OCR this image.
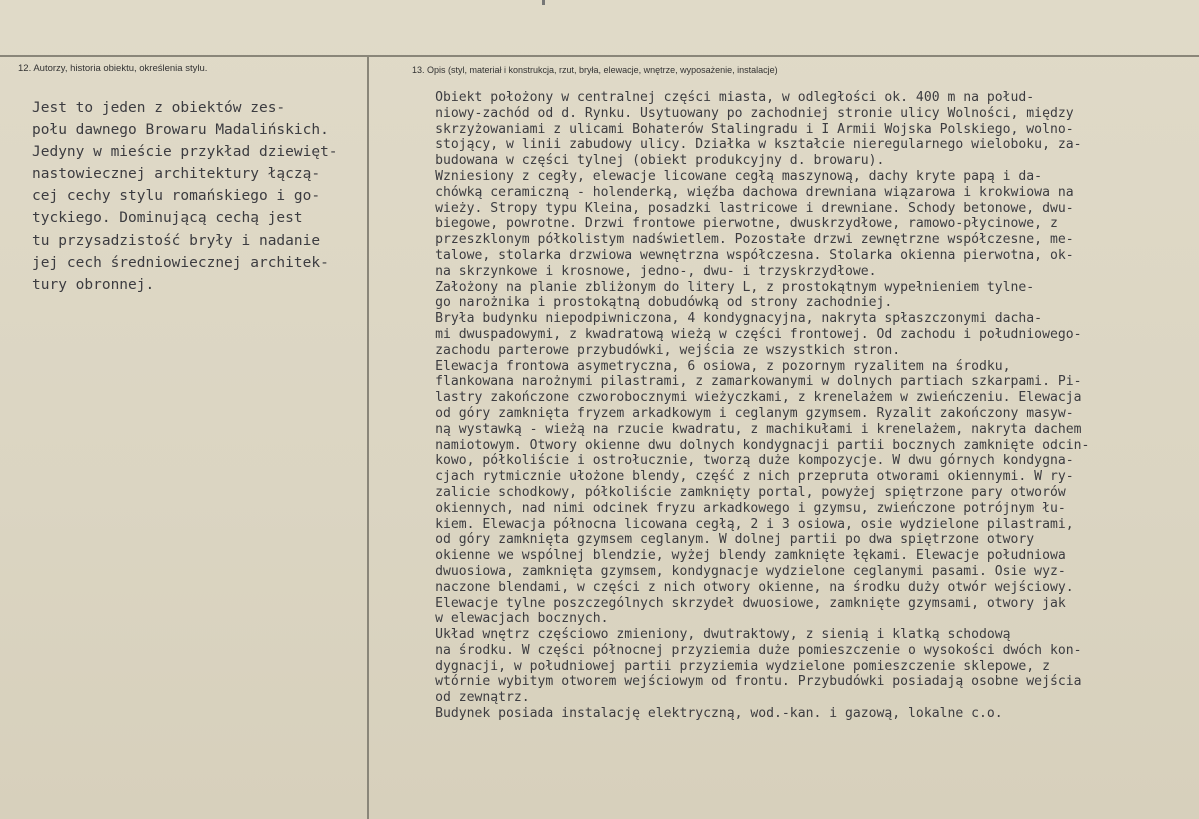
12. Autorzy, historia obiektu, określenia stylu.	13. Opis (styl, materiał i konstrukcja, rzut, bryła, elewacje, wnętrze, wyposażenie, instalacje)
Jest to jeden z obiektów zes-
połu dawnego Browaru Madalińskich.
Jedyny w mieście przykład dziewięt-
nastowiecznej architektury łączą-
cej cechy stylu romańskiego i go-
tyckiego. Dominującą cechą jest
tu przysadzistość bryły i nadanie
jej cech średniowiecznej architek-
tury obronnej.
Obiekt położony w centralnej części miasta, w odległości ok. 400 m na połud-
niowy-zachód od d. Rynku. Usytuowany po zachodniej stronie ulicy Wolności, między
skrzyżowaniami z ulicami Bohaterów Stalingradu i I Armii Wojska Polskiego, wolno-
stojący, w linii zabudowy ulicy. Działka w kształcie nieregularnego wieloboku, za-
budowana w części tylnej (obiekt produkcyjny d. browaru).
Wzniesiony z cegły, elewacje licowane cegłą maszynową, dachy kryte papą i da-
chówką ceramiczną - holenderką, więźba dachowa drewniana wiązarowa i krokwiowa na
wieży. Stropy typu Kleina, posadzki lastricowe i drewniane. Schody betonowe, dwu-
biegowe, powrotne. Drzwi frontowe pierwotne, dwuskrzydłowe, ramowo-płycinowe, z
przeszklonym półkolistym nadświetlem. Pozostałe drzwi zewnętrzne współczesne, me-
talowe, stolarka drzwiowa wewnętrzna współczesna. Stolarka okienna pierwotna, ok-
na skrzynkowe i krosnowe, jedno-, dwu- i trzyskrzydłowe.
Założony na planie zbliżonym do litery L, z prostokątnym wypełnieniem tylne-
go narożnika i prostokątną dobudówką od strony zachodniej.
Bryła budynku niepodpiwniczona, 4 kondygnacyjna, nakryta spłaszczonymi dacha-
mi dwuspadowymi, z kwadratową wieżą w części frontowej. Od zachodu i południowego-
zachodu parterowe przybudówki, wejścia ze wszystkich stron.
Elewacja frontowa asymetryczna, 6 osiowa, z pozornym ryzalitem na środku,
flankowana narożnymi pilastrami, z zamarkowanymi w dolnych partiach szkarpami. Pi-
lastry zakończone czworobocznymi wieżyczkami, z krenelażem w zwieńczeniu. Elewacja
od góry zamknięta fryzem arkadkowym i ceglanym gzymsem. Ryzalit zakończony masyw-
ną wystawką - wieżą na rzucie kwadratu, z machikułami i krenelażem, nakryta dachem
namiotowym. Otwory okienne dwu dolnych kondygnacji partii bocznych zamknięte odcin-
kowo, półkoliście i ostrołucznie, tworzą duże kompozycje. W dwu górnych kondygna-
cjach rytmicznie ułożone blendy, część z nich przepruta otworami okiennymi. W ry-
zalicie schodkowy, półkoliście zamknięty portal, powyżej spiętrzone pary otworów
okiennych, nad nimi odcinek fryzu arkadkowego i gzymsu, zwieńczone potrójnym łu-
kiem. Elewacja północna licowana cegłą, 2 i 3 osiowa, osie wydzielone pilastrami,
od góry zamknięta gzymsem ceglanym. W dolnej partii po dwa spiętrzone otwory
okienne we wspólnej blendzie, wyżej blendy zamknięte łękami. Elewacje południowa
dwuosiowa, zamknięta gzymsem, kondygnacje wydzielone ceglanymi pasami. Osie wyz-
naczone blendami, w części z nich otwory okienne, na środku duży otwór wejściowy.
Elewacje tylne poszczególnych skrzydeł dwuosiowe, zamknięte gzymsami, otwory jak
w elewacjach bocznych.
Układ wnętrz częściowo zmieniony, dwutraktowy, z sienią i klatką schodową
na środku. W części północnej przyziemia duże pomieszczenie o wysokości dwóch kon-
dygnacji, w południowej partii przyziemia wydzielone pomieszczenie sklepowe, z
wtórnie wybitym otworem wejściowym od frontu. Przybudówki posiadają osobne wejścia
od zewnątrz.
Budynek posiada instalację elektryczną, wod.-kan. i gazową, lokalne c.o.
